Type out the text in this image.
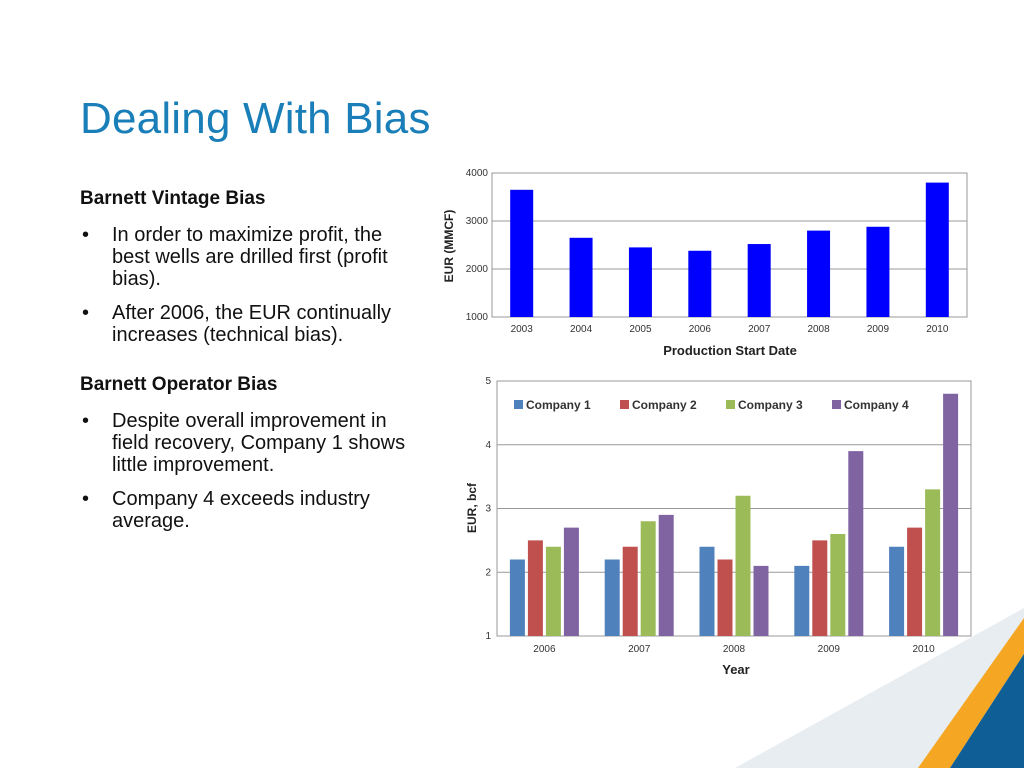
Dealing With Bias
Barnett Vintage Bias
• In order to maximize profit, the best wells are drilled first (profit bias).
• After 2006, the EUR continually increases (technical bias).
Barnett Operator Bias
• Despite overall improvement in field recovery, Company 1 shows little improvement.
• Company 4 exceeds industry average.
1000
2000
3000
4000
2003	2004	2005	2006	2007	2008	2009	2010
Production Start Date
EUR (MMCF)
1
2
3
4
5
2006	2007	2008	2009	2010
Company 1	Company 2	Company 3	Company 4
Year
EUR, bcf
